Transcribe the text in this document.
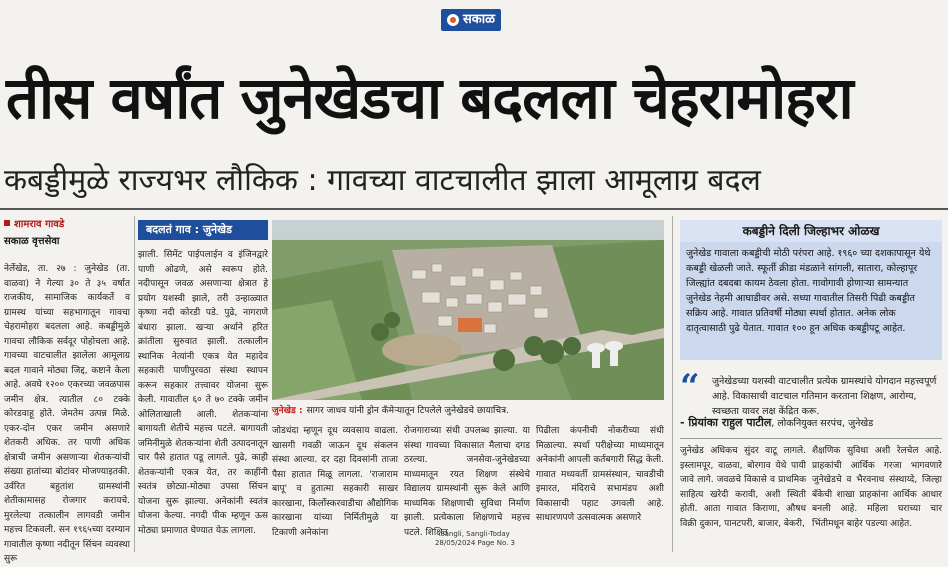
सकाळ
तीस वर्षांत जुनेखेडचा बदलला चेहरामोहरा
कबड्डीमुळे राज्यभर लौकिक : गावच्या वाटचालीत झाला आमूलाग्र बदल
शामराव गावडे
सकाळ वृत्तसेवा
नेर्लेखेड, ता. २७ : जुनेखेड (ता. वाळवा) ने गेल्या ३० ते ३५ वर्षात राजकीय, सामाजिक कार्यकर्ते व ग्रामस्थ यांच्या सहभागातून गावचा चेहरामोहरा बदलला आहे. कबड्डीमुळे गावचा लौकिक सर्वदूर पोहोचला आहे. गावच्या वाटचालीत झालेला आमूलाग्र बदल गावाने मोठ्या जिद्द, कष्टाने केला आहे. अवघे १२०० एकरच्या जवळपास जमीन क्षेत्र. त्यातील ८० टक्के कोरडवाहू होते. जेमतेम उत्पन्न मिळे. एकर-दोन एकर जमीन असणारे शेतकरी अधिक. तर पाणी अधिक क्षेत्राची जमीन असणाऱ्या शेतकऱ्यांची संख्या हातांच्या बोटांवर मोजण्याइतकी. उर्वरित बहुतांश ग्रामस्थांनी शेतीकामासह रोजगार करायचे. मुरलेल्या तत्कालीन लागवडी जमीन महत्त्व टिकवली. सन १९६५च्या दरम्यान गावातील कृष्णा नदीतून सिंचन व्यवस्था सुरू
बदलतं गाव : जुनेखेड
झाली. सिमेंट पाईपलाईन व इंजिनद्वारे पाणी ओढणे, असे स्वरूप होते. नदीपासून जवळ असणाऱ्या क्षेत्रात हे प्रयोग यशस्वी झाले, तरी उन्हाळ्यात कृष्णा नदी कोरडी पडे. पुढे, नागराणे बंधारा झाला. खऱ्या अर्थाने हरित क्रांतीला सुरुवात झाली. तत्कालीन स्थानिक नेत्यांनी एकत्र येत महादेव सहकारी पाणीपुरवठा संस्था स्थापन करून सहकार तत्त्वावर योजना सुरू केली. गावातील ६० ते ७० टक्के जमीन ओलिताखाली आली. शेतकऱ्यांना बागायती शेतीचे महत्त्व पटले. बागायती जमिनीमुळे शेतकऱ्यांना शेती उत्पादनातून चार पैसे हातात पडू लागले. पुढे, काही शेतकऱ्यांनी एकत्र येत, तर काहींनी स्वतंत्र छोट्या-मोठ्या उपसा सिंचन योजना सुरू झाल्या. अनेकांनी स्वतंत्र योजना केल्या. नगदी पीक म्हणून ऊस मोठ्या प्रमाणात घेण्यात येऊ लागला.
जुनेखेड : सागर जाधव यांनी ड्रोन कॅमेऱ्यातून टिपलेले जुनेखेडचे छायाचित्र.
जोडधंदा म्हणून दूध व्यवसाय वाढला. खासगी गवळी जाऊन दूध संकलन संस्था आल्या. दर दहा दिवसांनी ताजा पैसा हातात मिळू लागला. 'राजाराम बापू' व हुतात्मा सहकारी साखर कारखाना, किर्लोस्करवाडीचा औद्योगिक कारखाना यांच्या निर्मितीमुळे या टिकाणी अनेकांना
रोजगाराच्या संधी उपलब्ध झाल्या. या संस्था गावच्या विकासात मैलाचा दगड ठरल्या. जनसेवा-जुनेखेडच्या माध्यमातून रयत शिक्षण संस्थेचे विद्यालय ग्रामस्थांनी सुरू केले आणि माध्यमिक शिक्षणाची सुविधा निर्माण झाली. प्रत्येकाला शिक्षणाचे महत्त्व पटले. शिक्षित
पिढीला कंपनीची नोकरीच्या संधी मिळाल्या. स्पर्धा परीक्षेच्या माध्यमातून अनेकांनी आपली कर्तबगारी सिद्ध केली. गावात मध्यवर्ती ग्रामसंस्थान, चावडीची इमारत, मंदिराचे सभामंडप अशी विकासाची पहाट उगवली आहे. साधारणपणे उत्सवात्मक असणारे
कबड्डीने दिली जिल्हाभर ओळख
जुनेखेड गावाला कबड्डीची मोठी परंपरा आहे. १९६० च्या दशकापासून येथे कबड्डी खेळली जाते. स्फूर्ती क्रीडा मंडळाने सांगली, सातारा, कोल्हापूर जिल्ह्यांत दबदबा कायम ठेवला होता. गावोगावी होणाऱ्या सामन्यात जुनेखेड नेहमी आघाडीवर असे. सध्या गावातील तिसरी पिढी कबड्डीत सक्रिय आहे. गावात प्रतिवर्षी मोठ्या स्पर्धा होतात. अनेक लोक दातृत्वासाठी पुढे येतात. गावात १०० हून अधिक कबड्डीपटू आहेत.
“ जुनेखेडच्या यशस्वी वाटचालीत प्रत्येक ग्रामस्थांचे योगदान महत्त्वपूर्ण आहे. विकासाची वाटचाल गतिमान करताना शिक्षण, आरोग्य, स्वच्छता यावर लक्ष केंद्रित करू.
- प्रियांका राहुल पाटील, लोकनियुक्त सरपंच, जुनेखेड
जुनेखेड अधिकच सुंदर वाटू लागले. इस्लामपूर, वाळवा, बोरगाव येथे पायी जावे लागे. जवळचे विकासे व प्राथमिक साहित्य खरेदी करावी, अशी स्थिती होती. आता गावात किराणा, औषध विक्री दुकान, पानटपरी, बाजार, बेकरी,
शैक्षणिक सुविधा अशी रेलचेल आहे. प्राहकांची आर्थिक गरजा भागवणारे जुनेखेडचे व भैरवनाथ संस्थाय्दे, जिल्हा बँकेची शाखा प्राहकांना आर्थिक आधार बनली आहे. महिला घराच्या चार भिंतीमधून बाहेर पडल्या आहेत.
Sangli, Sangli-Today
28/05/2024 Page No. 3
